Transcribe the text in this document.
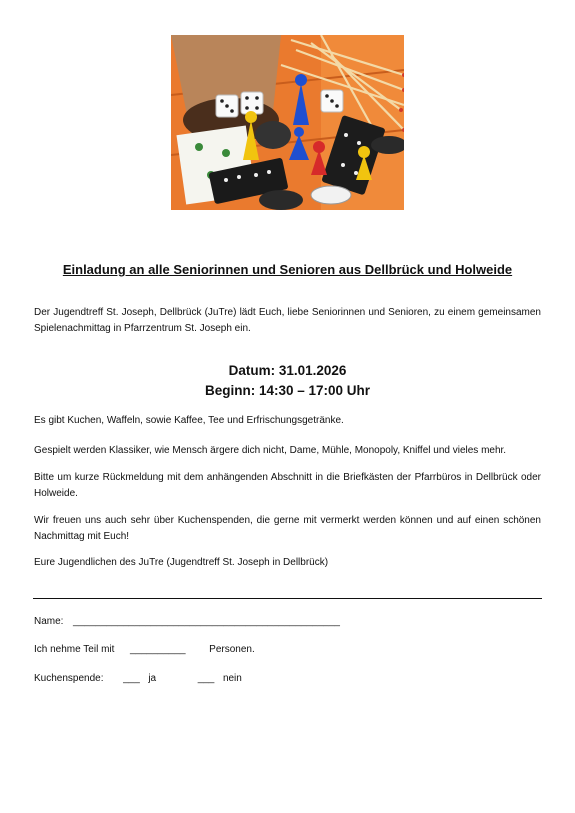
Einladung an alle Seniorinnen und Senioren aus Dellbrück und Holweide

Der Jugendtreff St. Joseph, Dellbrück (JuTre) lädt Euch, liebe Seniorinnen und Senioren, zu einem gemeinsamen Spielenachmittag in Pfarrzentrum St. Joseph ein.

Datum: 31.01.2026
Beginn: 14:30 – 17:00 Uhr

Es gibt Kuchen, Waffeln, sowie Kaffee, Tee und Erfrischungsgetränke.

Gespielt werden Klassiker, wie Mensch ärgere dich nicht, Dame, Mühle, Monopoly, Kniffel und vieles mehr.

Bitte um kurze Rückmeldung mit dem anhängenden Abschnitt in die Briefkästen der Pfarrbüros in Dellbrück oder Holweide.

Wir freuen uns auch sehr über Kuchenspenden, die gerne mit vermerkt werden können und auf einen schönen Nachmittag mit Euch!

Eure Jugendlichen des JuTre (Jugendtreff St. Joseph in Dellbrück)

Name: ________________________________________________
Ich nehme Teil mit __________ Personen.
Kuchenspende: ___ ja	___ nein
